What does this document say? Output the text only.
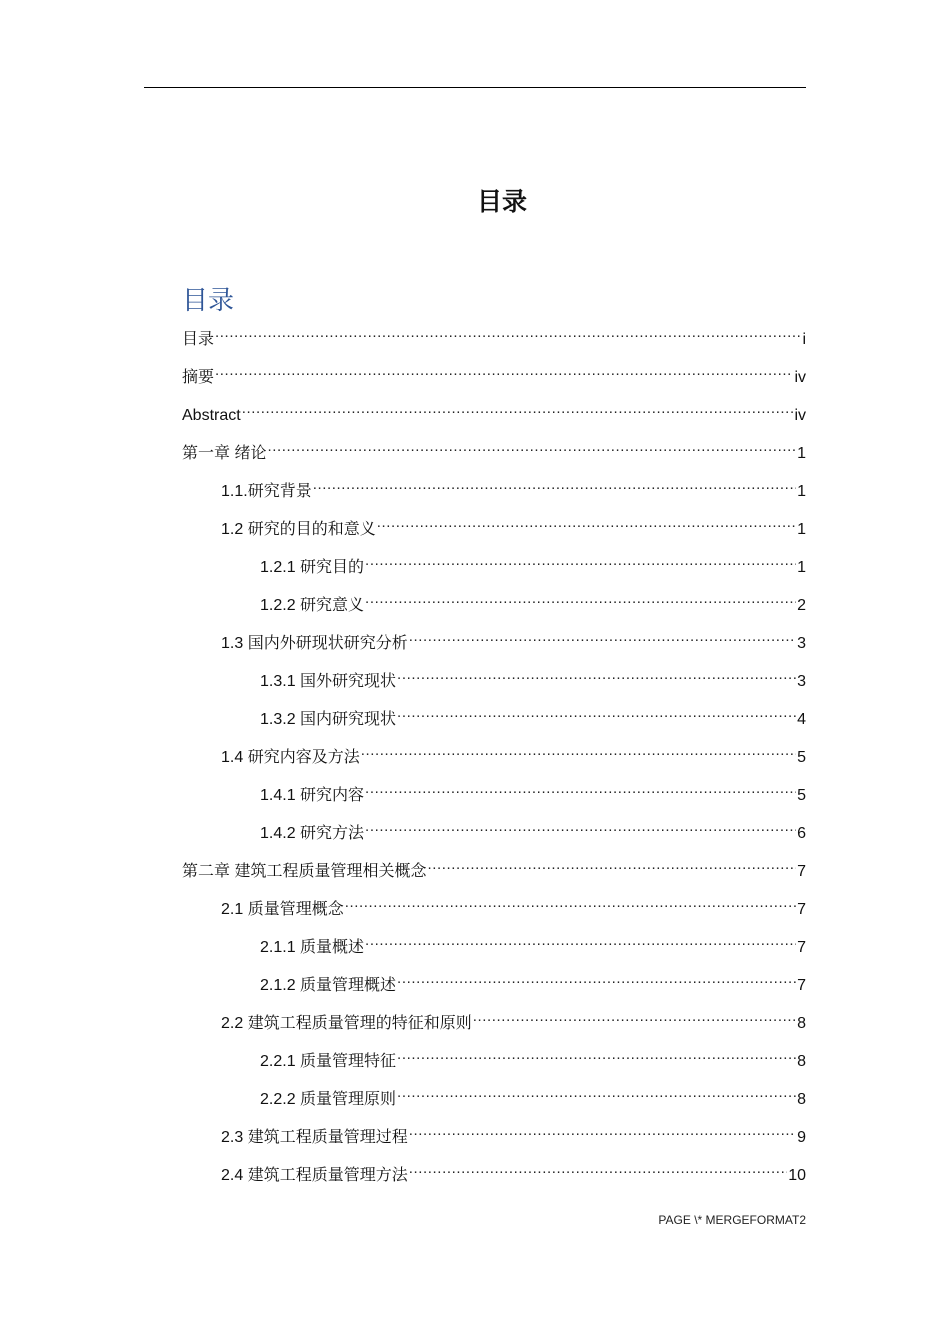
目录
目录
目录 .....	i
摘要 .....	iv
Abstract .....	iv
第一章 绪论 .....	1
1.1.研究背景 .....	1
1.2 研究的目的和意义 .....	1
1.2.1 研究目的 .....	1
1.2.2 研究意义 .....	2
1.3 国内外研现状研究分析 .....	3
1.3.1 国外研究现状 .....	3
1.3.2 国内研究现状 .....	4
1.4 研究内容及方法 .....	5
1.4.1 研究内容 .....	5
1.4.2 研究方法 .....	6
第二章 建筑工程质量管理相关概念 .....	7
2.1 质量管理概念 .....	7
2.1.1 质量概述 .....	7
2.1.2 质量管理概述 .....	7
2.2 建筑工程质量管理的特征和原则 .....	8
2.2.1 质量管理特征 .....	8
2.2.2 质量管理原则 .....	8
2.3 建筑工程质量管理过程 .....	9
2.4 建筑工程质量管理方法 .....	10
PAGE \* MERGEFORMAT2
